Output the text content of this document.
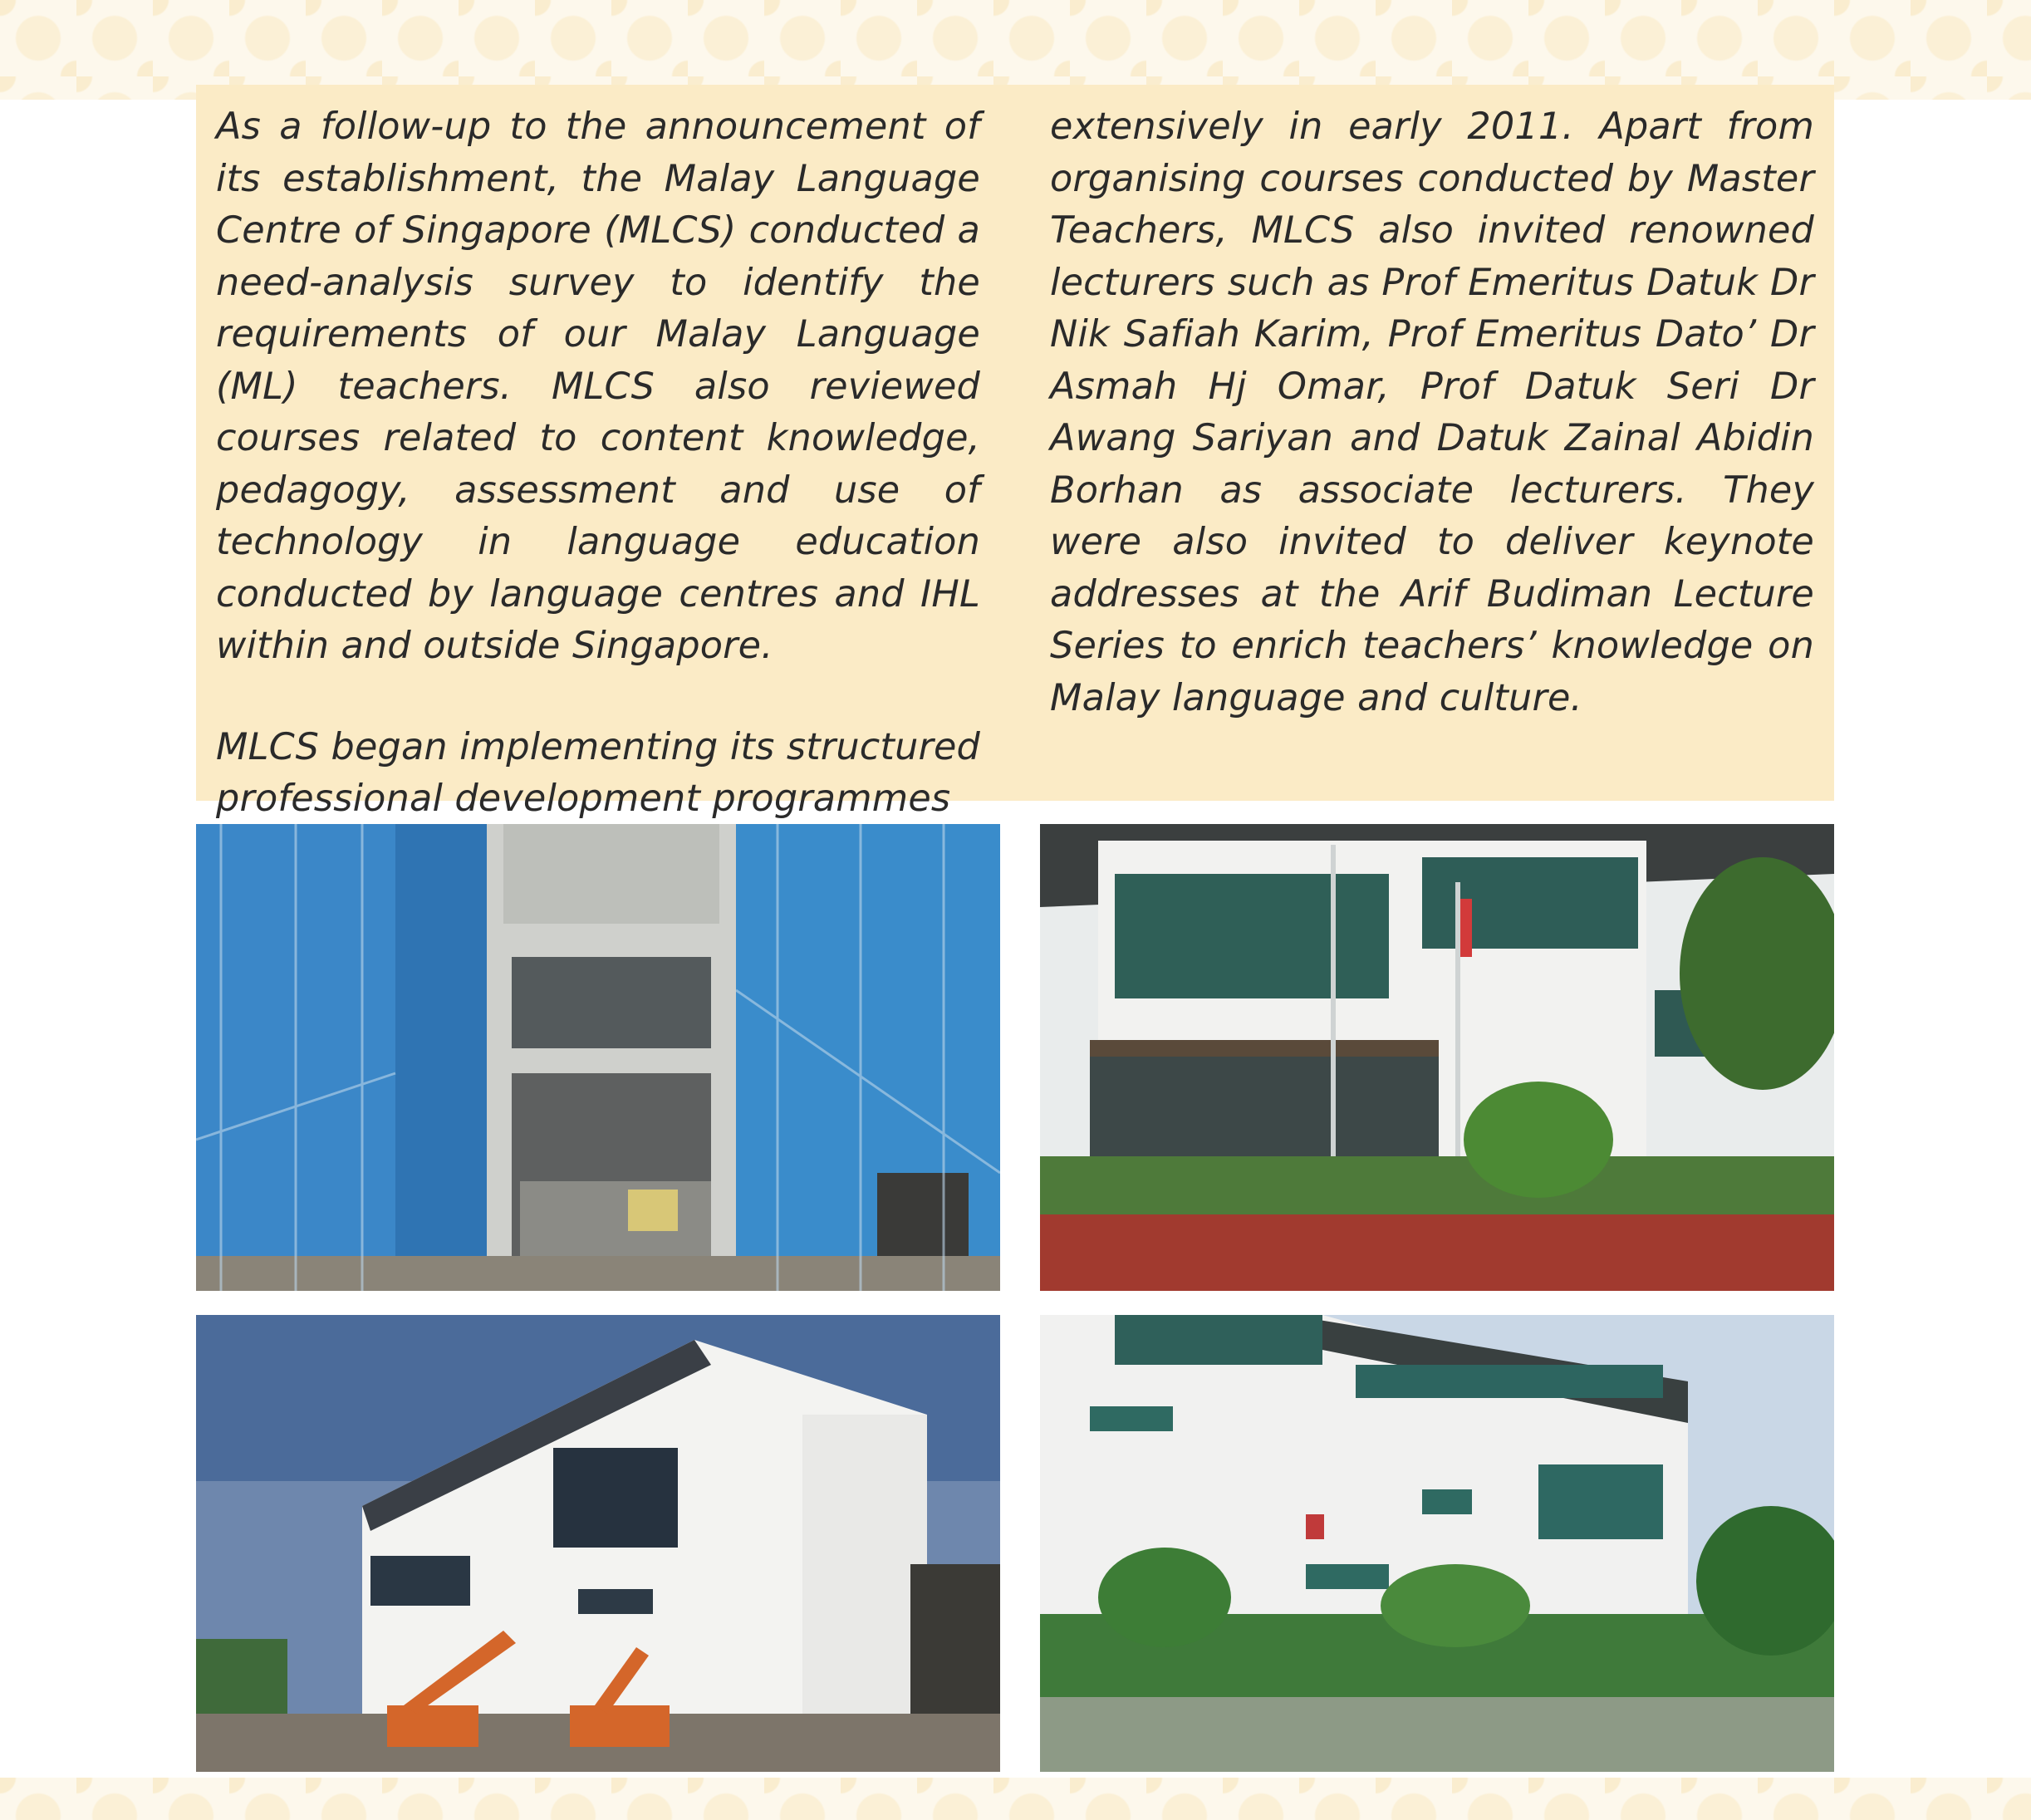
As a follow-up to the announcement of its establishment, the Malay Language Centre of Singapore (MLCS) conducted a need-analysis survey to identify the requirements of our Malay Language (ML) teachers. MLCS also reviewed courses related to content knowledge, pedagogy, assessment and use of technology in language education conducted by language centres and IHL within and outside Singapore.

MLCS began implementing its structured professional development programmes

extensively in early 2011. Apart from organising courses conducted by Master Teachers, MLCS also invited renowned lecturers such as Prof Emeritus Datuk Dr Nik Safiah Karim, Prof Emeritus Dato’ Dr Asmah Hj Omar, Prof Datuk Seri Dr Awang Sariyan and Datuk Zainal Abidin Borhan as associate lecturers. They were also invited to deliver keynote addresses at the Arif Budiman Lecture Series to enrich teachers’ knowledge on Malay language and culture.
